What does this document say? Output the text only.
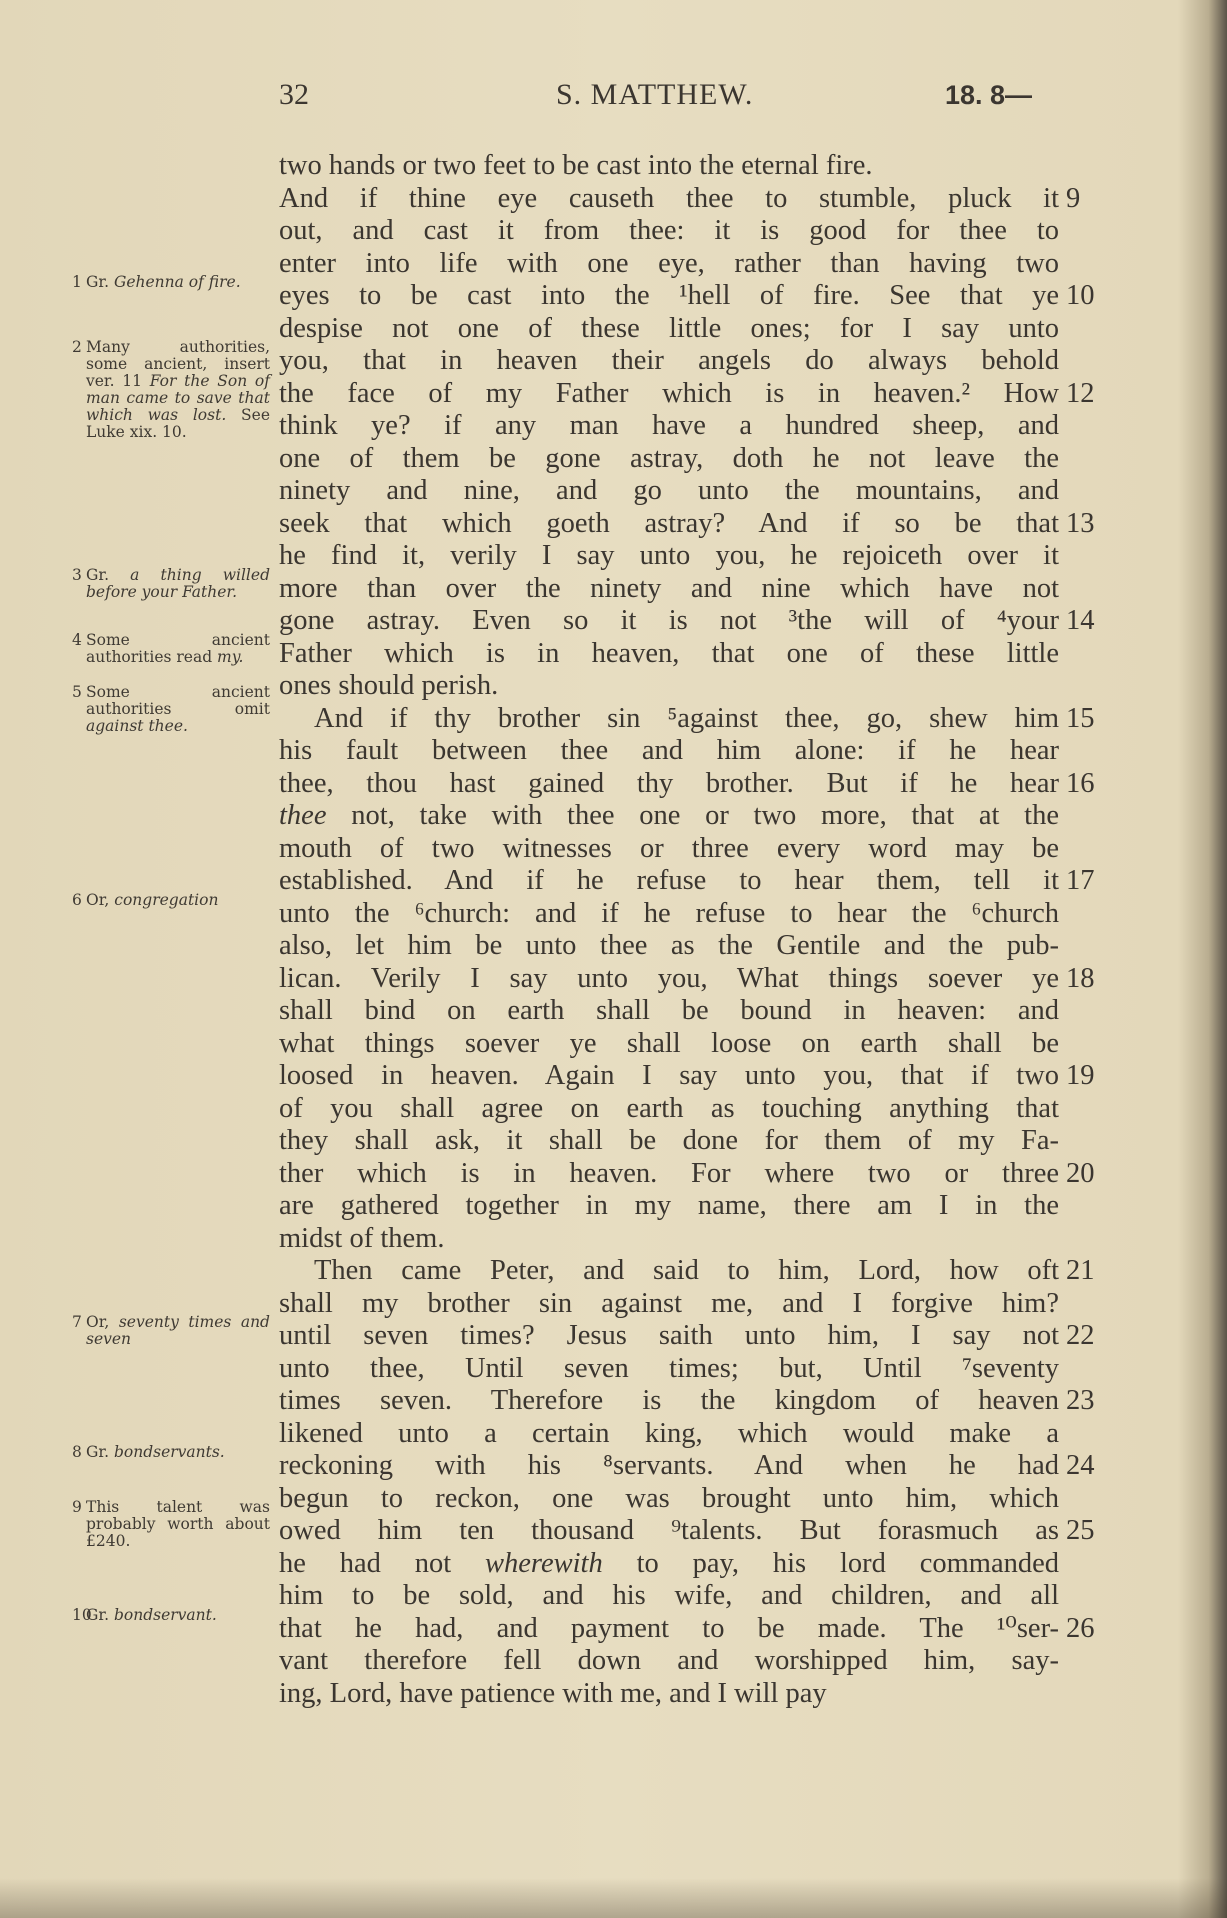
32	S. MATTHEW.	18. 8—
two hands or two feet to be cast into the eternal fire.
And if thine eye causeth thee to stumble, pluck it 9
out, and cast it from thee: it is good for thee to
enter into life with one eye, rather than having two
eyes to be cast into the ¹hell of fire. See that ye 10
despise not one of these little ones; for I say unto
you, that in heaven their angels do always behold
the face of my Father which is in heaven.² How 12
think ye? if any man have a hundred sheep, and
one of them be gone astray, doth he not leave the
ninety and nine, and go unto the mountains, and
seek that which goeth astray? And if so be that 13
he find it, verily I say unto you, he rejoiceth over it
more than over the ninety and nine which have not
gone astray. Even so it is not ³the will of ⁴your 14
Father which is in heaven, that one of these little
ones should perish.
And if thy brother sin ⁵against thee, go, shew him 15
his fault between thee and him alone: if he hear
thee, thou hast gained thy brother. But if he hear 16
thee not, take with thee one or two more, that at the
mouth of two witnesses or three every word may be
established. And if he refuse to hear them, tell it 17
unto the ⁶church: and if he refuse to hear the ⁶church
also, let him be unto thee as the Gentile and the pub-
lican. Verily I say unto you, What things soever ye 18
shall bind on earth shall be bound in heaven: and
what things soever ye shall loose on earth shall be
loosed in heaven. Again I say unto you, that if two 19
of you shall agree on earth as touching anything that
they shall ask, it shall be done for them of my Fa-
ther which is in heaven. For where two or three 20
are gathered together in my name, there am I in the
midst of them.
Then came Peter, and said to him, Lord, how oft 21
shall my brother sin against me, and I forgive him?
until seven times? Jesus saith unto him, I say not 22
unto thee, Until seven times; but, Until ⁷seventy
times seven. Therefore is the kingdom of heaven 23
likened unto a certain king, which would make a
reckoning with his ⁸servants. And when he had 24
begun to reckon, one was brought unto him, which
owed him ten thousand ⁹talents. But forasmuch as 25
he had not wherewith to pay, his lord commanded
him to be sold, and his wife, and children, and all
that he had, and payment to be made. The ¹⁰ser- 26
vant therefore fell down and worshipped him, say-
ing, Lord, have patience with me, and I will pay
1 Gr. Gehenna of fire.
2 Many authorities, some ancient, insert ver. 11 For the Son of man came to save that which was lost. See Luke xix. 10.
3 Gr. a thing willed before your Father.
4 Some ancient authorities read my.
5 Some ancient authorities omit against thee.
6 Or, congregation
7 Or, seventy times and seven
8 Gr. bondservants.
9 This talent was probably worth about £240.
10
Gr. bondservant.
